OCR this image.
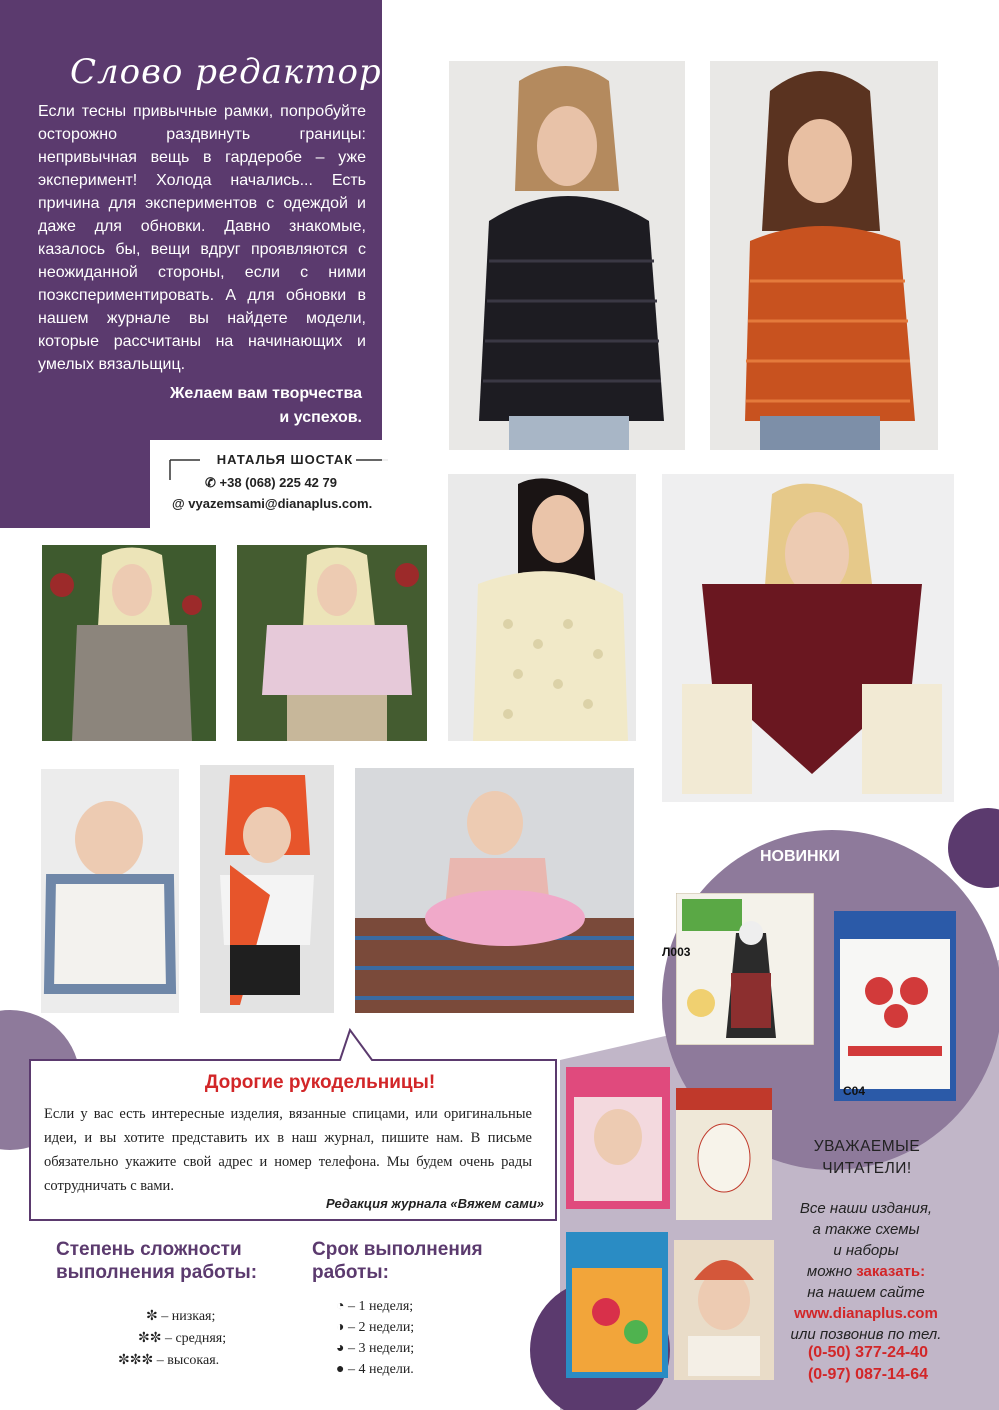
Слово редактора
Если тесны привычные рамки, попробуйте осторожно раздвинуть границы: непривычная вещь в гардеробе – уже эксперимент! Холода начались... Есть причина для экспериментов с одеждой и даже для обновки. Давно знакомые, казалось бы, вещи вдруг проявляются с неожиданной стороны, если с ними поэкспериментировать. А для обновки в нашем журнале вы найдете модели, которые рассчитаны на начинающих и умелых вязальщиц.
Желаем вам творчества
и успехов.
НАТАЛЬЯ ШОСТАК
✆ +38 (068) 225 42 79
@ vyazemsami@dianaplus.com.
НОВИНКИ
Л003
С04
Дорогие рукодельницы!
Если у вас есть интересные изделия, вязанные спицами, или оригинальные идеи, и вы хотите представить их в наш журнал, пишите нам. В письме обязательно укажите свой адрес и номер телефона. Мы будем очень рады сотрудничать с вами.
Редакция журнала «Вяжем сами»
УВАЖАЕМЫЕ
ЧИТАТЕЛИ!
Все наши издания,
а также схемы
и наборы
можно заказать:
на нашем сайте
www.dianaplus.com
или позвонив по тел.
(0-50) 377-24-40
(0-97) 087-14-64
Степень сложности выполнения работы:
Срок выполнения работы:
✼ – низкая;
✼✼ – средняя;
✼✼✼ – высокая.
◔ – 1 неделя;
◑ – 2 недели;
◕ – 3 недели;
● – 4 недели.
